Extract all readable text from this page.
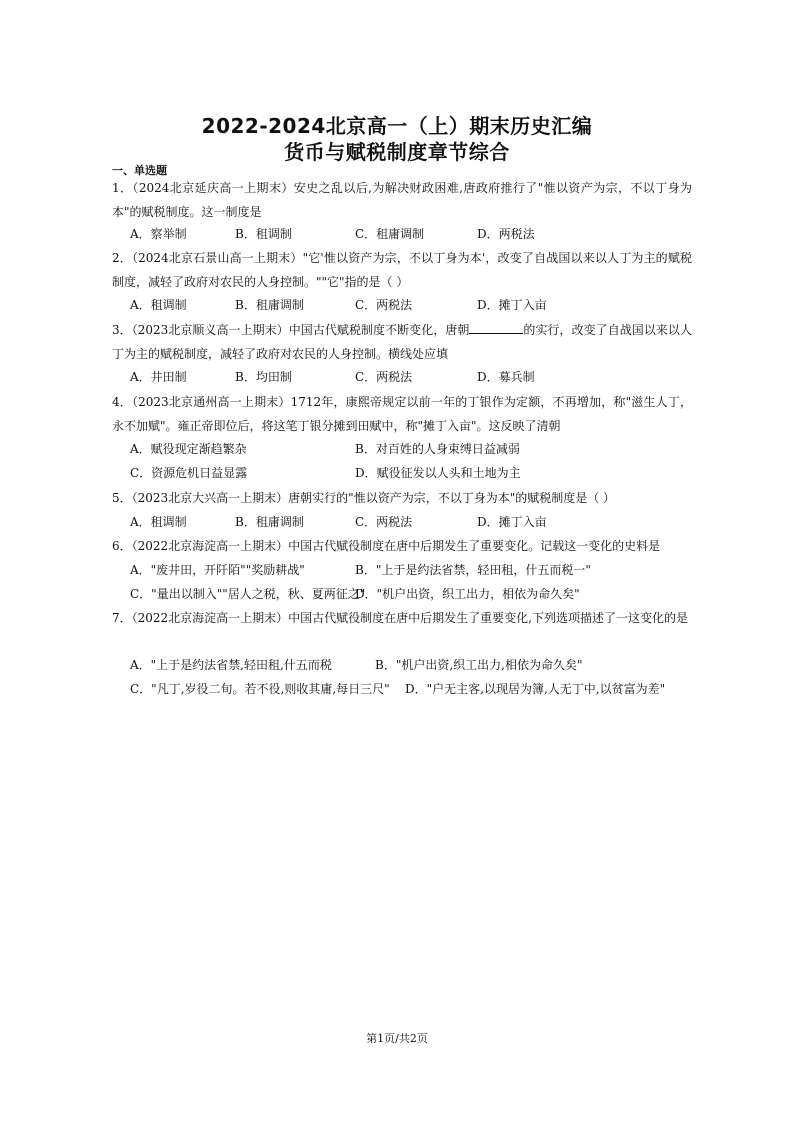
2022-2024北京高一（上）期末历史汇编
货币与赋税制度章节综合
一、单选题
1．（2024北京延庆高一上期末）安史之乱以后,为解决财政困难,唐政府推行了"惟以资产为宗，不以丁身为本"的赋税制度。这一制度是
A．察举制	B．租调制	C．租庸调制	D．两税法
2．（2024北京石景山高一上期末）"它'惟以资产为宗，不以丁身为本'，改变了自战国以来以人丁为主的赋税制度，减轻了政府对农民的人身控制。""它"指的是（ ）
A．租调制	B．租庸调制	C．两税法	D．摊丁入亩
3．（2023北京顺义高一上期末）中国古代赋税制度不断变化，唐朝	的实行，改变了自战国以来以人丁为主的赋税制度，减轻了政府对农民的人身控制。横线处应填
A．井田制	B．均田制	C．两税法	D．募兵制
4．（2023北京通州高一上期末）1712年，康熙帝规定以前一年的丁银作为定额，不再增加，称"滋生人丁，永不加赋"。雍正帝即位后，将这笔丁银分摊到田赋中，称"摊丁入亩"。这反映了清朝
A．赋役现定渐趋繁杂	B．对百姓的人身束缚日益减弱
C．资源危机日益显露	D．赋役征发以人头和土地为主
5．（2023北京大兴高一上期末）唐朝实行的"惟以资产为宗，不以丁身为本"的赋税制度是（ ）
A．租调制	B．租庸调制	C．两税法	D．摊丁入亩
6．（2022北京海淀高一上期末）中国古代赋役制度在唐中后期发生了重要变化。记载这一变化的史料是
A．"废井田，开阡陌""奖励耕战"	B．"上于是约法省禁，轻田租，什五而税一"
C．"量出以制入""居人之税，秋、夏两征之"
D．"机户出资，织工出力，相依为命久矣"
7．（2022北京海淀高一上期末）中国古代赋役制度在唐中后期发生了重要变化,下列选项描述了一这变化的是
A．"上于是约法省禁,轻田租,什五而税	B．"机户出资,织工出力,相依为命久矣"
C．"凡丁,岁役二旬。若不役,则收其庸,每日三尺" D．"户无主客,以现居为簿,人无丁中,以贫富为差"
第1页/共2页
